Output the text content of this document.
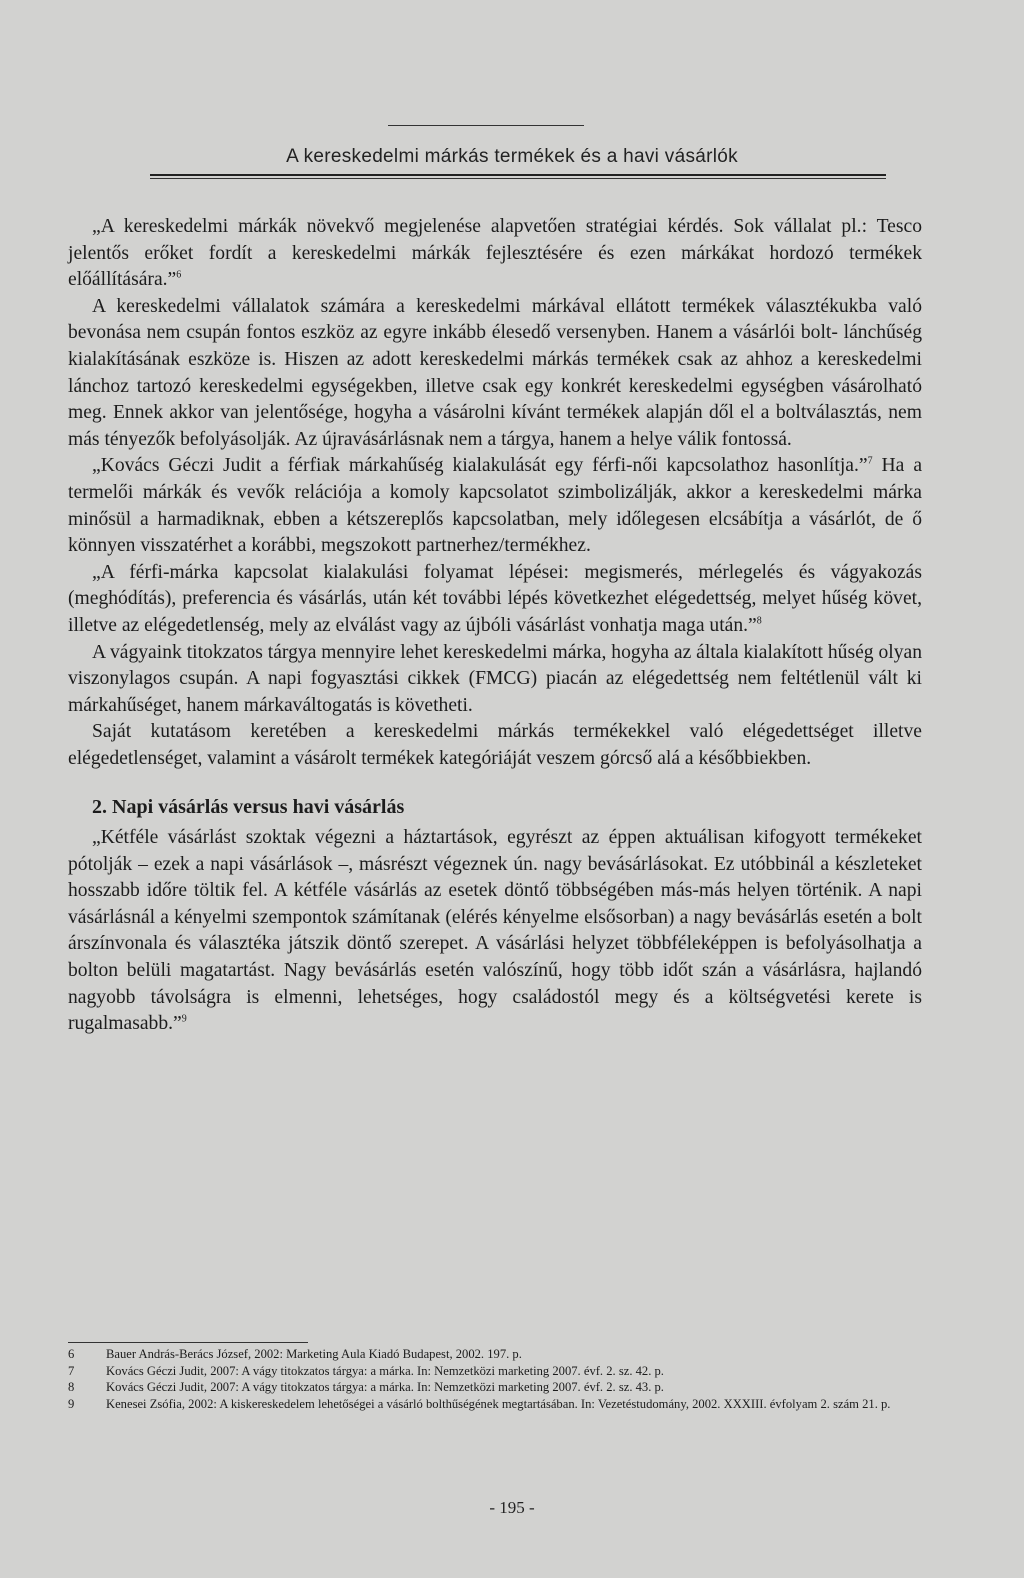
A kereskedelmi márkás termékek és a havi vásárlók

„A kereskedelmi márkák növekvő megjelenése alapvetően stratégiai kérdés. Sok vállalat pl.: Tesco jelentős erőket fordít a kereskedelmi márkák fejlesztésére és ezen márkákat hordozó termékek előállítására.”$^6$

A kereskedelmi vállalatok számára a kereskedelmi márkával ellátott termékek választékukba való bevonása nem csupán fontos eszköz az egyre inkább élesedő versenyben. Hanem a vásárlói bolt- lánchűség kialakításának eszköze is. Hiszen az adott kereskedelmi márkás termékek csak az ahhoz a kereskedelmi lánchoz tartozó kereskedelmi egységekben, illetve csak egy konkrét kereskedelmi egységben vásárolható meg. Ennek akkor van jelentősége, hogyha a vásárolni kívánt termékek alapján dől el a boltválasztás, nem más tényezők befolyásolják. Az újravásárlásnak nem a tárgya, hanem a helye válik fontossá.

„Kovács Géczi Judit a férfiak márkahűség kialakulását egy férfi-női kapcsolathoz hasonlítja.”$^7$ Ha a termelői márkák és vevők relációja a komoly kapcsolatot szimbolizálják, akkor a kereskedelmi márka minősül a harmadiknak, ebben a kétszereplős kapcsolatban, mely időlegesen elcsábítja a vásárlót, de ő könnyen visszatérhet a korábbi, megszokott partnerhez/termékhez.

„A férfi-márka kapcsolat kialakulási folyamat lépései: megismerés, mérlegelés és vágyakozás (meghódítás), preferencia és vásárlás, után két további lépés következhet elégedettség, melyet hűség követ, illetve az elégedetlenség, mely az elválást vagy az újbóli vásárlást vonhatja maga után.”$^8$

A vágyaink titokzatos tárgya mennyire lehet kereskedelmi márka, hogyha az általa kialakított hűség olyan viszonylagos csupán. A napi fogyasztási cikkek (FMCG) piacán az elégedettség nem feltétlenül vált ki márkahűséget, hanem márkaváltogatás is követheti.

Saját kutatásom keretében a kereskedelmi márkás termékekkel való elégedettséget illetve elégedetlenséget, valamint a vásárolt termékek kategóriáját veszem górcső alá a későbbiekben.

2. Napi vásárlás versus havi vásárlás

„Kétféle vásárlást szoktak végezni a háztartások, egyrészt az éppen aktuálisan kifogyott termékeket pótolják – ezek a napi vásárlások –, másrészt végeznek ún. nagy bevásárlásokat. Ez utóbbinál a készleteket hosszabb időre töltik fel. A kétféle vásárlás az esetek döntő többségében más-más helyen történik. A napi vásárlásnál a kényelmi szempontok számítanak (elérés kényelme elsősorban) a nagy bevásárlás esetén a bolt árszínvonala és választéka játszik döntő szerepet. A vásárlási helyzet többféleképpen is befolyásolhatja a bolton belüli magatartást. Nagy bevásárlás esetén valószínű, hogy több időt szán a vásárlásra, hajlandó nagyobb távolságra is elmenni, lehetséges, hogy családostól megy és a költségvetési kerete is rugalmasabb.”$^9$

6	Bauer András-Berács József, 2002: Marketing Aula Kiadó Budapest, 2002. 197. p.
7	Kovács Géczi Judit, 2007: A vágy titokzatos tárgya: a márka. In: Nemzetközi marketing 2007. évf. 2. sz. 42. p.
8	Kovács Géczi Judit, 2007: A vágy titokzatos tárgya: a márka. In: Nemzetközi marketing 2007. évf. 2. sz. 43. p.
9	Kenesei Zsófia, 2002: A kiskereskedelem lehetőségei a vásárló bolthűségének megtartásában. In: Vezetéstudomány, 2002. XXXIII. évfolyam 2. szám 21. p.
- 195 -
